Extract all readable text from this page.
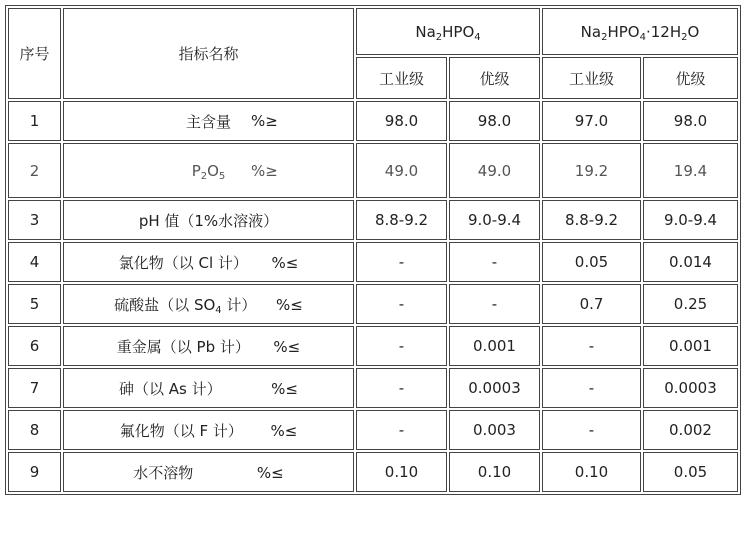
序号	指标名称	$Na_2HPO_4$		$Na_2HPO_4\cdot 12H_2O$	
		工业级	优级	工业级	优级
1	主含量 %≥	98.0	98.0	97.0	98.0
2	$P_2O_5$ %≥	49.0	49.0	19.2	19.4
3	pH 值（1%水溶液）	8.8-9.2	9.0-9.4	8.8-9.2	9.0-9.4
4	氯化物（以 Cl 计） %≤	-	-	0.05	0.014
5	硫酸盐（以 $SO_4$ 计） %≤	-	-	0.7	0.25
6	重金属（以 Pb 计） %≤	-	0.001	-	0.001
7	砷（以 As 计） %≤	-	0.0003	-	0.0003
8	氟化物（以 F 计） %≤	-	0.003	-	0.002
9	水不溶物 %≤	0.10	0.10	0.10	0.05
